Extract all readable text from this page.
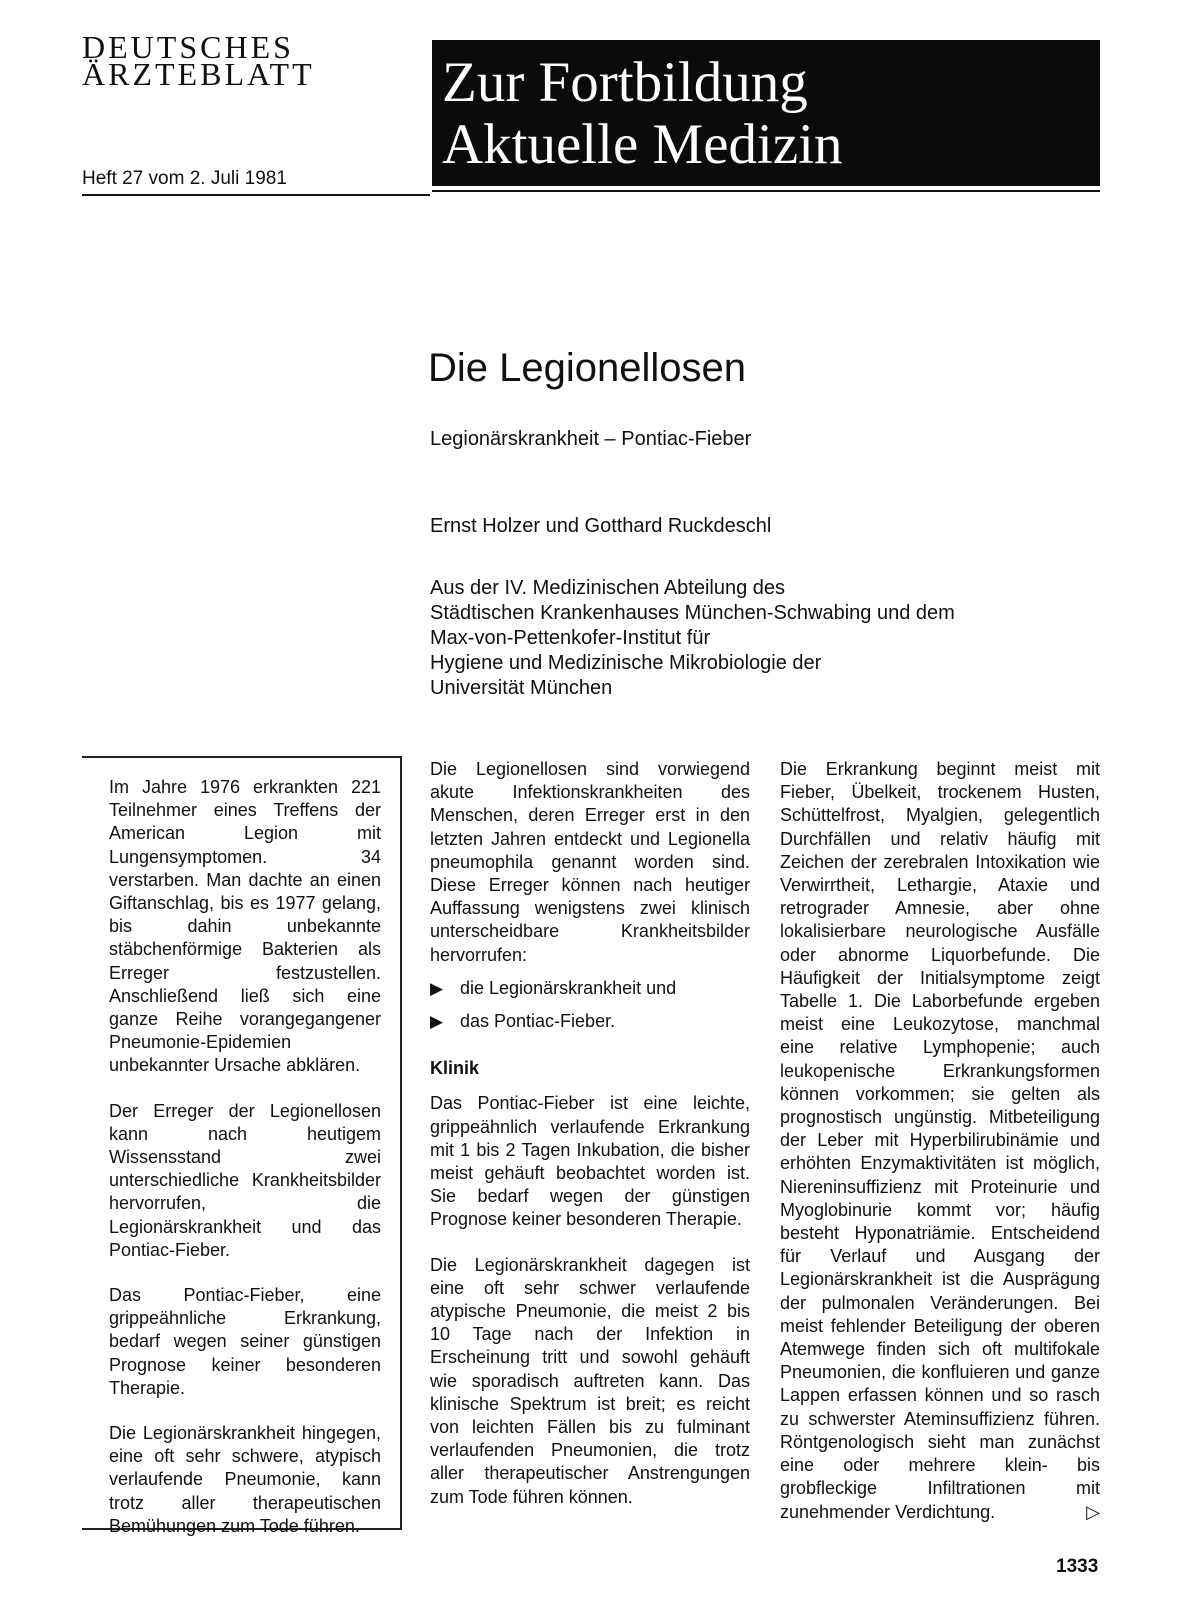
DEUTSCHES
ÄRZTEBLATT
Heft 27 vom 2. Juli 1981
Zur Fortbildung
Aktuelle Medizin
Die Legionellosen
Legionärskrankheit – Pontiac-Fieber
Ernst Holzer und Gotthard Ruckdeschl
Aus der IV. Medizinischen Abteilung des
Städtischen Krankenhauses München-Schwabing und dem
Max-von-Pettenkofer-Institut für
Hygiene und Medizinische Mikrobiologie der
Universität München

Im Jahre 1976 erkrankten 221 Teilnehmer eines Treffens der American Legion mit Lungensymptomen. 34 verstarben. Man dachte an einen Giftanschlag, bis es 1977 gelang, bis dahin unbekannte stäbchenförmige Bakterien als Erreger festzustellen. Anschließend ließ sich eine ganze Reihe vorangegangener Pneumonie-Epidemien unbekannter Ursache abklären.

Der Erreger der Legionellosen kann nach heutigem Wissensstand zwei unterschiedliche Krankheitsbilder hervorrufen, die Legionärskrankheit und das Pontiac-Fieber.

Das Pontiac-Fieber, eine grippeähnliche Erkrankung, bedarf wegen seiner günstigen Prognose keiner besonderen Therapie.

Die Legionärskrankheit hingegen, eine oft sehr schwere, atypisch verlaufende Pneumonie, kann trotz aller therapeutischen Bemühungen zum Tode führen.

Die Legionellosen sind vorwiegend akute Infektionskrankheiten des Menschen, deren Erreger erst in den letzten Jahren entdeckt und Legionella pneumophila genannt worden sind. Diese Erreger können nach heutiger Auffassung wenigstens zwei klinisch unterscheidbare Krankheitsbilder hervorrufen:
▶ die Legionärskrankheit und
▶ das Pontiac-Fieber.
Klinik

Das Pontiac-Fieber ist eine leichte, grippeähnlich verlaufende Erkrankung mit 1 bis 2 Tagen Inkubation, die bisher meist gehäuft beobachtet worden ist. Sie bedarf wegen der günstigen Prognose keiner besonderen Therapie.

Die Legionärskrankheit dagegen ist eine oft sehr schwer verlaufende atypische Pneumonie, die meist 2 bis 10 Tage nach der Infektion in Erscheinung tritt und sowohl gehäuft wie sporadisch auftreten kann. Das klinische Spektrum ist breit; es reicht von leichten Fällen bis zu fulminant verlaufenden Pneumonien, die trotz aller therapeutischer Anstrengungen zum Tode führen können.

Die Erkrankung beginnt meist mit Fieber, Übelkeit, trockenem Husten, Schüttelfrost, Myalgien, gelegentlich Durchfällen und relativ häufig mit Zeichen der zerebralen Intoxikation wie Verwirrtheit, Lethargie, Ataxie und retrograder Amnesie, aber ohne lokalisierbare neurologische Ausfälle oder abnorme Liquorbefunde. Die Häufigkeit der Initialsymptome zeigt Tabelle 1. Die Laborbefunde ergeben meist eine Leukozytose, manchmal eine relative Lymphopenie; auch leukopenische Erkrankungsformen können vorkommen; sie gelten als prognostisch ungünstig. Mitbeteiligung der Leber mit Hyperbilirubinämie und erhöhten Enzymaktivitäten ist möglich, Niereninsuffizienz mit Proteinurie und Myoglobinurie kommt vor; häufig besteht Hyponatriämie. Entscheidend für Verlauf und Ausgang der Legionärskrankheit ist die Ausprägung der pulmonalen Veränderungen. Bei meist fehlender Beteiligung der oberen Atemwege finden sich oft multifokale Pneumonien, die konfluieren und ganze Lappen erfassen können und so rasch zu schwerster Ateminsuffizienz führen. Röntgenologisch sieht man zunächst eine oder mehrere klein- bis grobfleckige Infiltrationen mit zunehmender Verdichtung.	▷
1333
